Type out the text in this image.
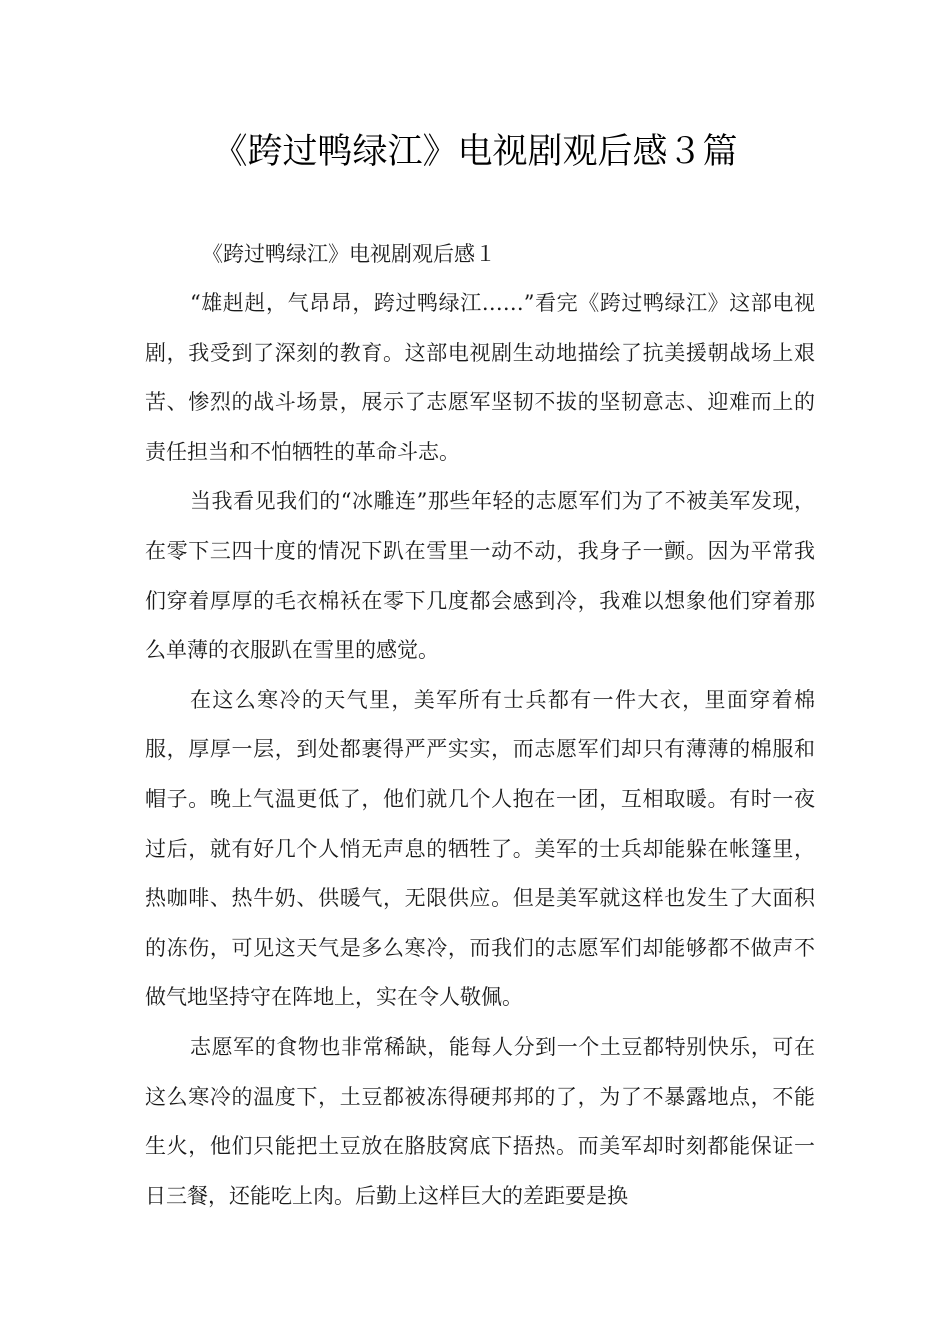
《跨过鸭绿江》电视剧观后感３篇

《跨过鸭绿江》电视剧观后感１

“雄赳赳，气昂昂，跨过鸭绿江……”看完《跨过鸭绿江》这部电视剧，我受到了深刻的教育。这部电视剧生动地描绘了抗美援朝战场上艰苦、惨烈的战斗场景，展示了志愿军坚韧不拔的坚韧意志、迎难而上的责任担当和不怕牺牲的革命斗志。

当我看见我们的“冰雕连”那些年轻的志愿军们为了不被美军发现，在零下三四十度的情况下趴在雪里一动不动，我身子一颤。因为平常我们穿着厚厚的毛衣棉袄在零下几度都会感到冷，我难以想象他们穿着那么单薄的衣服趴在雪里的感觉。

在这么寒冷的天气里，美军所有士兵都有一件大衣，里面穿着棉服，厚厚一层，到处都裹得严严实实，而志愿军们却只有薄薄的棉服和帽子。晚上气温更低了，他们就几个人抱在一团，互相取暖。有时一夜过后，就有好几个人悄无声息的牺牲了。美军的士兵却能躲在帐篷里，热咖啡、热牛奶、供暖气，无限供应。但是美军就这样也发生了大面积的冻伤，可见这天气是多么寒冷，而我们的志愿军们却能够都不做声不做气地坚持守在阵地上，实在令人敬佩。

志愿军的食物也非常稀缺，能每人分到一个土豆都特别快乐，可在这么寒冷的温度下，土豆都被冻得硬邦邦的了，为了不暴露地点，不能生火，他们只能把土豆放在胳肢窝底下捂热。而美军却时刻都能保证一日三餐，还能吃上肉。后勤上这样巨大的差距要是换
